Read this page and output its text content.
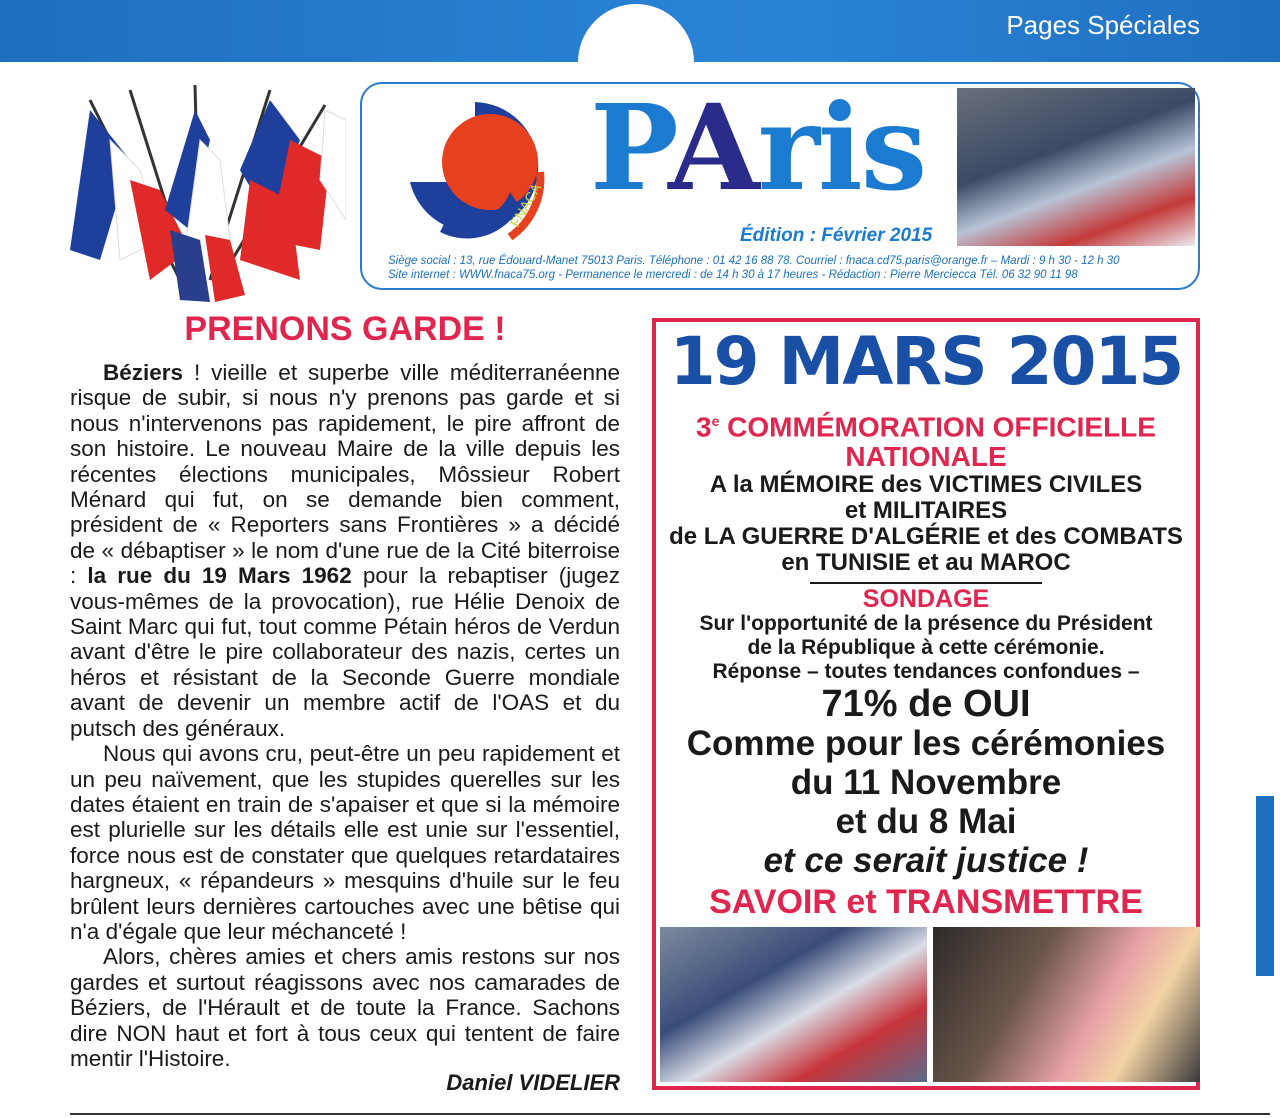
Pages Spéciales
FNACA PAris
Édition : Février 2015
Siège social : 13, rue Édouard-Manet 75013 Paris. Téléphone : 01 42 16 88 78. Courriel : fnaca.cd75.paris@orange.fr – Mardi : 9 h 30 - 12 h 30
Site internet : WWW.fnaca75.org - Permanence le mercredi : de 14 h 30 à 17 heures - Rédaction : Pierre Merciecca Tél. 06 32 90 11 98
PRENONS GARDE !

Béziers ! vieille et superbe ville méditerranéenne risque de subir, si nous n'y prenons pas garde et si nous n'intervenons pas rapidement, le pire affront de son histoire. Le nouveau Maire de la ville depuis les récentes élections municipales, Môssieur Robert Ménard qui fut, on se demande bien comment, président de « Reporters sans Frontières » a décidé de « débaptiser » le nom d'une rue de la Cité biterroise : la rue du 19 Mars 1962 pour la rebaptiser (jugez vous-mêmes de la provocation), rue Hélie Denoix de Saint Marc qui fut, tout comme Pétain héros de Verdun avant d'être le pire collaborateur des nazis, certes un héros et résistant de la Seconde Guerre mondiale avant de devenir un membre actif de l'OAS et du putsch des généraux.

Nous qui avons cru, peut-être un peu rapidement et un peu naïvement, que les stupides querelles sur les dates étaient en train de s'apaiser et que si la mémoire est plurielle sur les détails elle est unie sur l'essentiel, force nous est de constater que quelques retardataires hargneux, « répandeurs » mesquins d'huile sur le feu brûlent leurs dernières cartouches avec une bêtise qui n'a d'égale que leur méchanceté !

Alors, chères amies et chers amis restons sur nos gardes et surtout réagissons avec nos camarades de Béziers, de l'Hérault et de toute la France. Sachons dire NON haut et fort à tous ceux qui tentent de faire mentir l'Histoire.

Daniel VIDELIER
19 MARS 2015
3e COMMÉMORATION OFFICIELLE
NATIONALE
A la MÉMOIRE des VICTIMES CIVILES
et MILITAIRES
de LA GUERRE D'ALGÉRIE et des COMBATS
en TUNISIE et au MAROC
SONDAGE
Sur l'opportunité de la présence du Président
de la République à cette cérémonie.
Réponse – toutes tendances confondues –
71% de OUI
Comme pour les cérémonies
du 11 Novembre
et du 8 Mai
et ce serait justice !
SAVOIR et TRANSMETTRE
